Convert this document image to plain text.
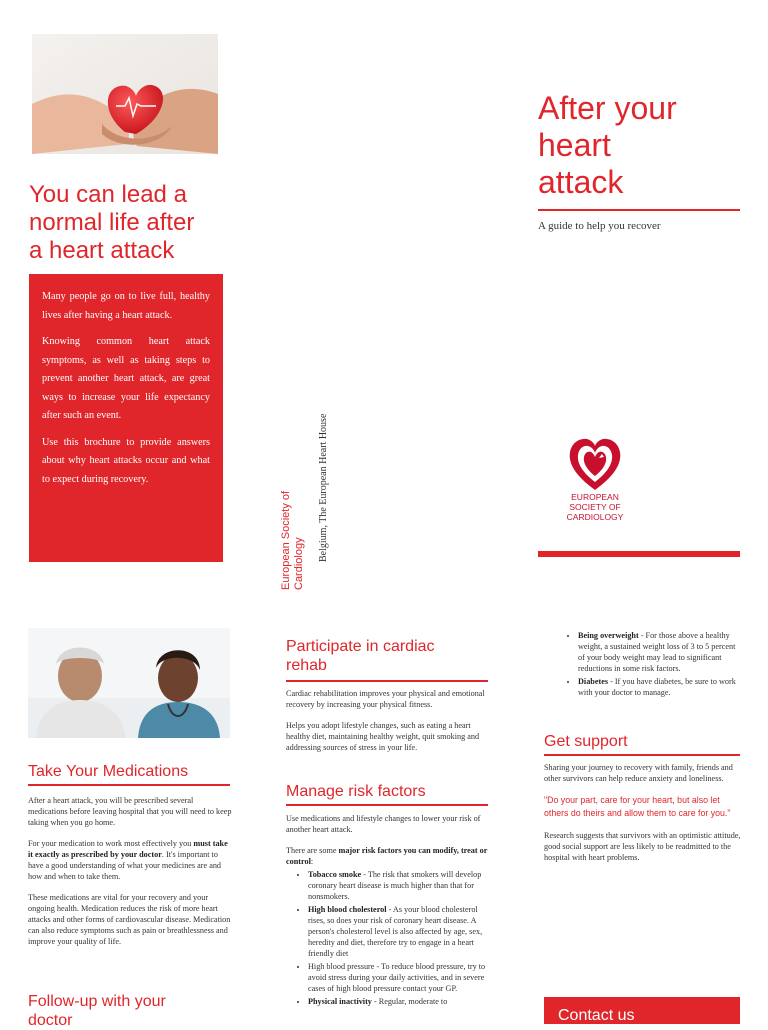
You can lead a
normal life after
a heart attack

Many people go on to live full, healthy lives after having a heart attack.

Knowing common heart attack symptoms, as well as taking steps to prevent another heart attack, are great ways to increase your life expectancy after such an event.

Use this brochure to provide answers about why heart attacks occur and what to expect during recovery.

European Society of Cardiology
Belgium, The European Heart House
After your
heart
attack
A guide to help you recover
EUROPEAN
SOCIETY OF
CARDIOLOGY
Take Your Medications

After a heart attack, you will be prescribed several medications before leaving hospital that you will need to keep taking when you go home.

For your medication to work most effectively you must take it exactly as prescribed by your doctor. It's important to have a good understanding of what your medicines are and how and when to take them.

These medications are vital for your recovery and your ongoing health. Medication reduces the risk of more heart attacks and other forms of cardiovascular disease. Medication can also reduce symptoms such as pain or breathlessness and improve your quality of life.

Follow-up with your
doctor
Participate in cardiac
rehab

Cardiac rehabilitation improves your physical and emotional recovery by increasing your physical fitness.

Helps you adopt lifestyle changes, such as eating a heart healthy diet, maintaining healthy weight, quit smoking and addressing sources of stress in your life.

Manage risk factors

Use medications and lifestyle changes to lower your risk of another heart attack.

There are some major risk factors you can modify, treat or control:

• Tobacco smoke - The risk that smokers will develop coronary heart disease is much higher than that for nonsmokers.
• High blood cholesterol - As your blood cholesterol rises, so does your risk of coronary heart disease. A person's cholesterol level is also affected by age, sex, heredity and diet, therefore try to engage in a heart friendly diet
• High blood pressure - To reduce blood pressure, try to avoid stress during your daily activities, and in severe cases of high blood pressure contact your GP.
• Physical inactivity - Regular, moderate to
• Being overweight - For those above a healthy weight, a sustained weight loss of 3 to 5 percent of your body weight may lead to significant reductions in some risk factors.
• Diabetes - If you have diabetes, be sure to work with your doctor to manage.
Get support

Sharing your journey to recovery with family, friends and other survivors can help reduce anxiety and loneliness.

"Do your part, care for your heart, but also let others do theirs and allow them to care for you."

Research suggests that survivors with an optimistic attitude, good social support are less likely to be readmitted to the hospital with heart problems.

Contact us
